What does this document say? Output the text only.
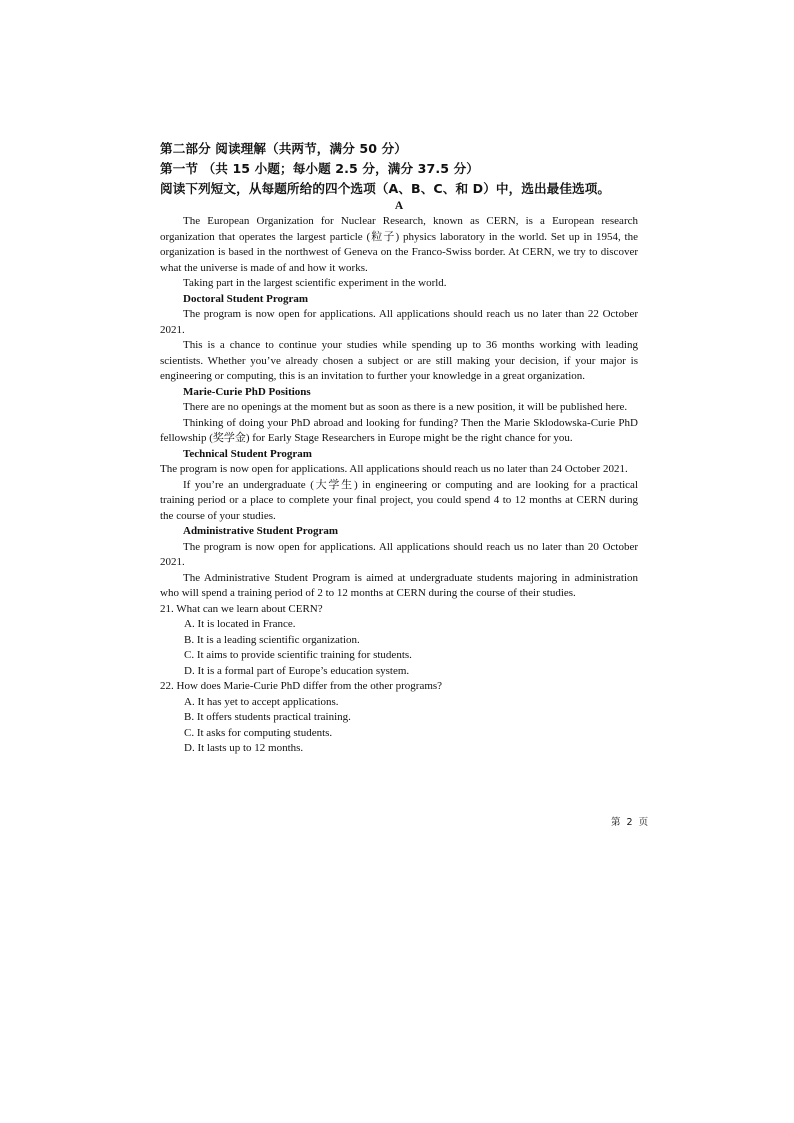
第二部分 阅读理解（共两节，满分 50 分）
第一节 （共 15 小题；每小题 2.5 分，满分 37.5 分）
阅读下列短文，从每题所给的四个选项（A、B、C、和 D）中，选出最佳选项。
A

The European Organization for Nuclear Research, known as CERN, is a European research organization that operates the largest particle (粒子) physics laboratory in the world. Set up in 1954, the organization is based in the northwest of Geneva on the Franco-Swiss border. At CERN, we try to discover what the universe is made of and how it works.

Taking part in the largest scientific experiment in the world.

Doctoral Student Program

The program is now open for applications. All applications should reach us no later than 22 October 2021.

This is a chance to continue your studies while spending up to 36 months working with leading scientists. Whether you’ve already chosen a subject or are still making your decision, if your major is engineering or computing, this is an invitation to further your knowledge in a great organization.

Marie-Curie PhD Positions

There are no openings at the moment but as soon as there is a new position, it will be published here.

Thinking of doing your PhD abroad and looking for funding? Then the Marie Sklodowska-Curie PhD fellowship (奖学金) for Early Stage Researchers in Europe might be the right chance for you.

Technical Student Program

The program is now open for applications. All applications should reach us no later than 24 October 2021.

If you’re an undergraduate (大学生) in engineering or computing and are looking for a practical training period or a place to complete your final project, you could spend 4 to 12 months at CERN during the course of your studies.

Administrative Student Program

The program is now open for applications. All applications should reach us no later than 20 October 2021.

The Administrative Student Program is aimed at undergraduate students majoring in administration who will spend a training period of 2 to 12 months at CERN during the course of their studies.

21. What can we learn about CERN?

A. It is located in France.

B. It is a leading scientific organization.

C. It aims to provide scientific training for students.

D. It is a formal part of Europe’s education system.

22. How does Marie-Curie PhD differ from the other programs?

A. It has yet to accept applications.

B. It offers students practical training.

C. It asks for computing students.

D. It lasts up to 12 months.

第 2 页
